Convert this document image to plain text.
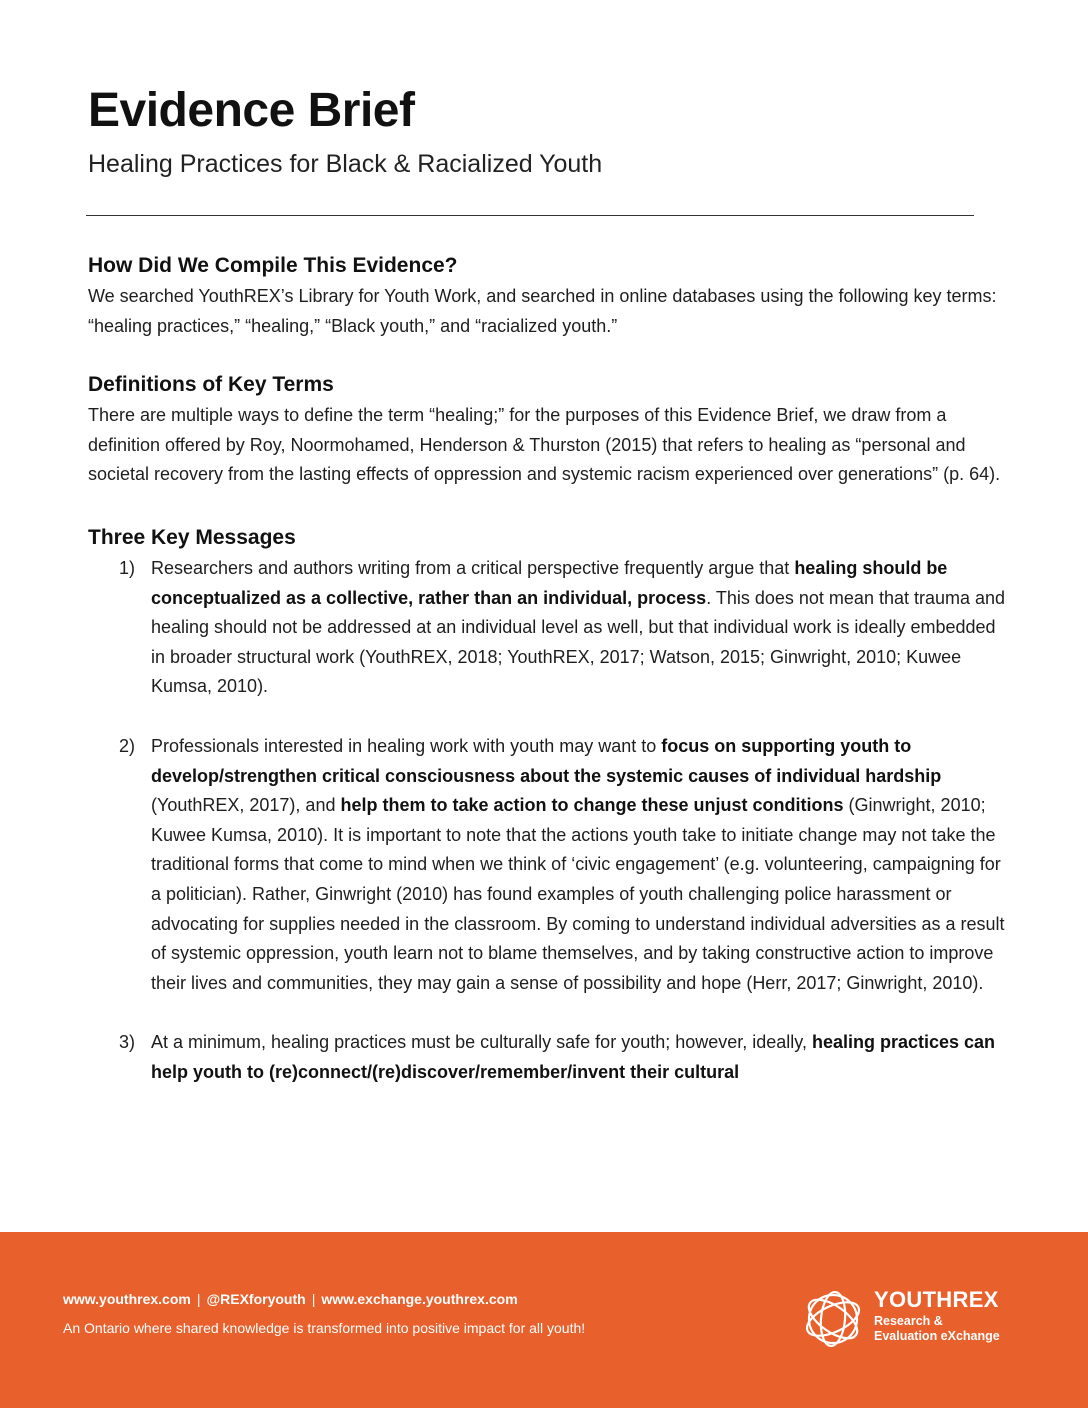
Evidence Brief
Healing Practices for Black & Racialized Youth
How Did We Compile This Evidence?

We searched YouthREX’s Library for Youth Work, and searched in online databases using the following key terms: “healing practices,” “healing,” “Black youth,” and “racialized youth.”

Definitions of Key Terms

There are multiple ways to define the term “healing;” for the purposes of this Evidence Brief, we draw from a definition offered by Roy, Noormohamed, Henderson & Thurston (2015) that refers to healing as “personal and societal recovery from the lasting effects of oppression and systemic racism experienced over generations” (p. 64).

Three Key Messages
1) Researchers and authors writing from a critical perspective frequently argue that healing should be conceptualized as a collective, rather than an individual, process. This does not mean that trauma and healing should not be addressed at an individual level as well, but that individual work is ideally embedded in broader structural work (YouthREX, 2018; YouthREX, 2017; Watson, 2015; Ginwright, 2010; Kuwee Kumsa, 2010).
2) Professionals interested in healing work with youth may want to focus on supporting youth to develop/strengthen critical consciousness about the systemic causes of individual hardship (YouthREX, 2017), and help them to take action to change these unjust conditions (Ginwright, 2010; Kuwee Kumsa, 2010). It is important to note that the actions youth take to initiate change may not take the traditional forms that come to mind when we think of ‘civic engagement’ (e.g. volunteering, campaigning for a politician). Rather, Ginwright (2010) has found examples of youth challenging police harassment or advocating for supplies needed in the classroom. By coming to understand individual adversities as a result of systemic oppression, youth learn not to blame themselves, and by taking constructive action to improve their lives and communities, they may gain a sense of possibility and hope (Herr, 2017; Ginwright, 2010).
3) At a minimum, healing practices must be culturally safe for youth; however, ideally, healing practices can help youth to (re)connect/(re)discover/remember/invent their cultural
www.youthrex.com | @REXforyouth | www.exchange.youthrex.com
An Ontario where shared knowledge is transformed into positive impact for all youth!
YOUTHREX
Research &
Evaluation eXchange
